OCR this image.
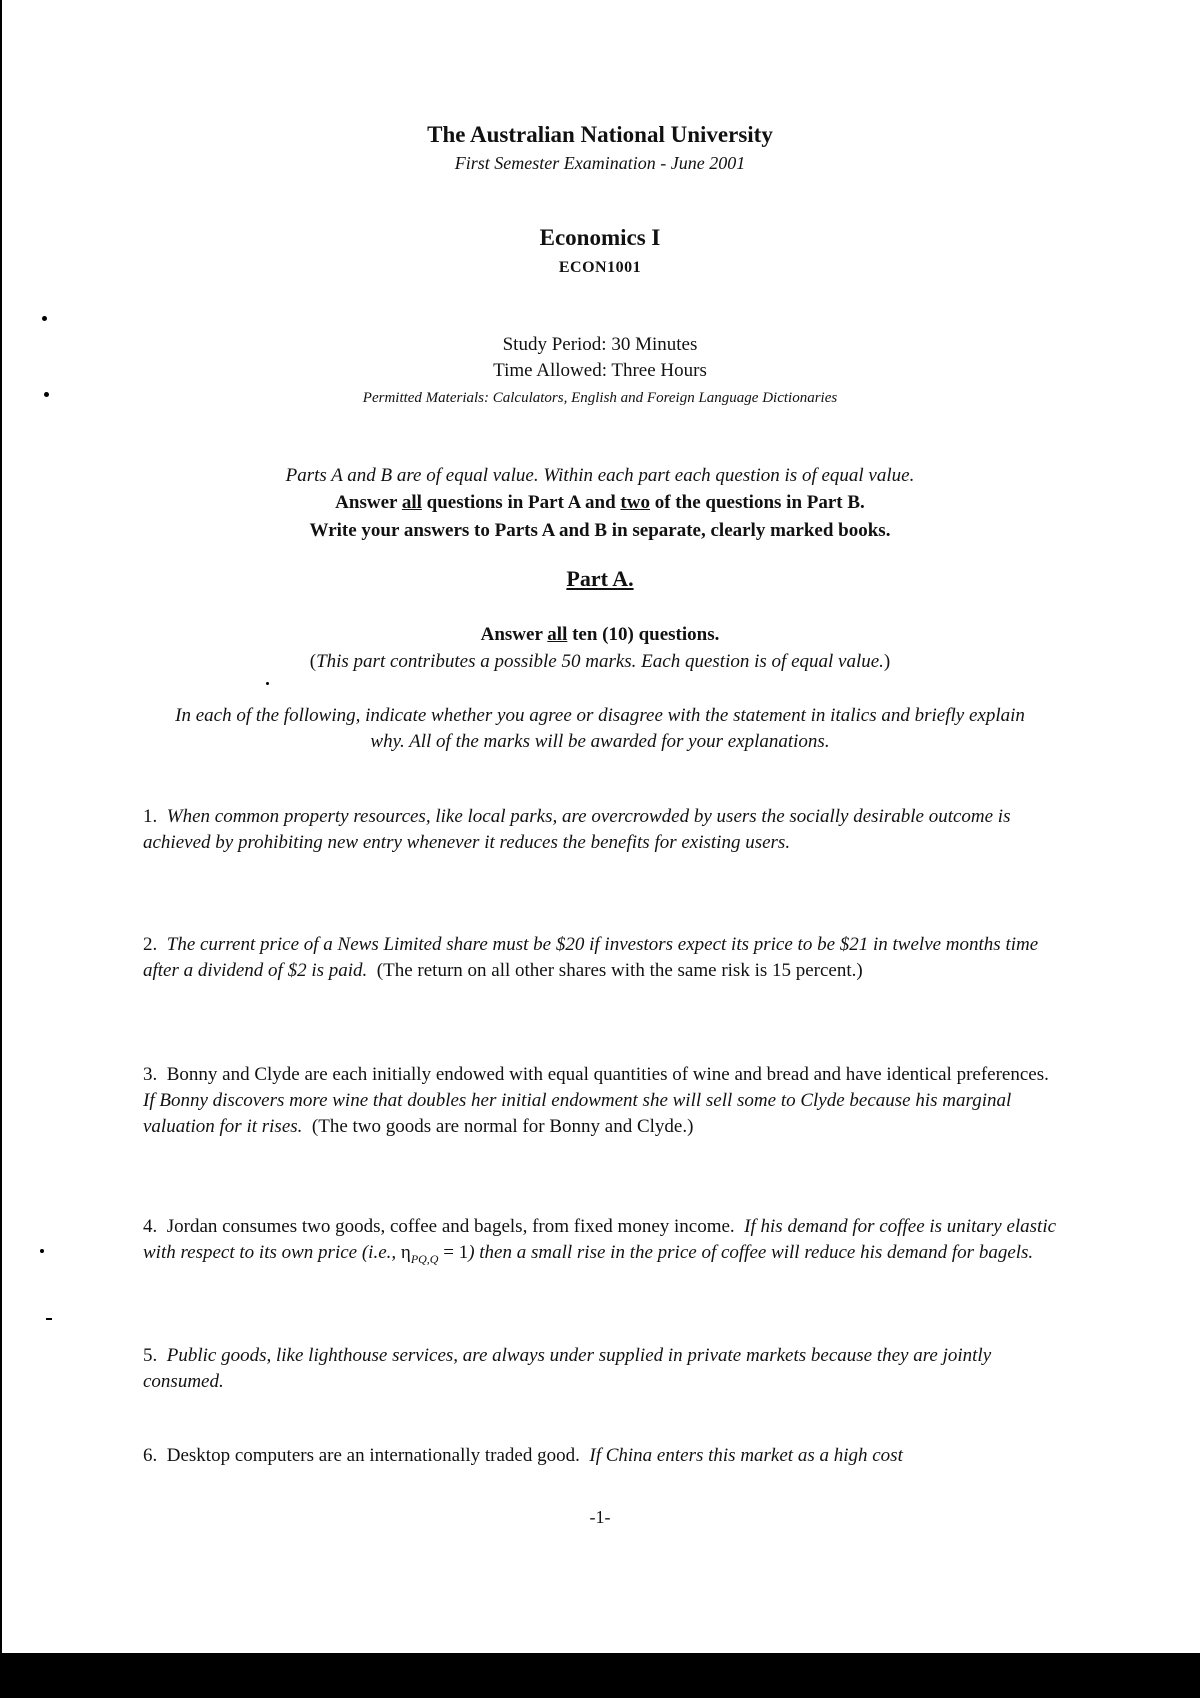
The Australian National University
First Semester Examination - June 2001
Economics I
ECON1001
Study Period: 30 Minutes
Time Allowed: Three Hours
Permitted Materials: Calculators, English and Foreign Language Dictionaries
Parts A and B are of equal value. Within each part each question is of equal value.
Answer all questions in Part A and two of the questions in Part B.
Write your answers to Parts A and B in separate, clearly marked books.
Part A.
Answer all ten (10) questions.
(This part contributes a possible 50 marks. Each question is of equal value.)
In each of the following, indicate whether you agree or disagree with the statement in italics and briefly explain why. All of the marks will be awarded for your explanations.
1. When common property resources, like local parks, are overcrowded by users the socially desirable outcome is achieved by prohibiting new entry whenever it reduces the benefits for existing users.
2. The current price of a News Limited share must be $20 if investors expect its price to be $21 in twelve months time after a dividend of $2 is paid. (The return on all other shares with the same risk is 15 percent.)
3. Bonny and Clyde are each initially endowed with equal quantities of wine and bread and have identical preferences.  If Bonny discovers more wine that doubles her initial endowment she will sell some to Clyde because his marginal valuation for it rises. (The two goods are normal for Bonny and Clyde.)
4. Jordan consumes two goods, coffee and bagels, from fixed money income. If his demand for coffee is unitary elastic with respect to its own price (i.e., $\eta_{PQ,Q} = 1$) then a small rise in the price of coffee will reduce his demand for bagels.
5. Public goods, like lighthouse services, are always under supplied in private markets because they are jointly consumed.
6. Desktop computers are an internationally traded good. If China enters this market as a high cost
-1-
